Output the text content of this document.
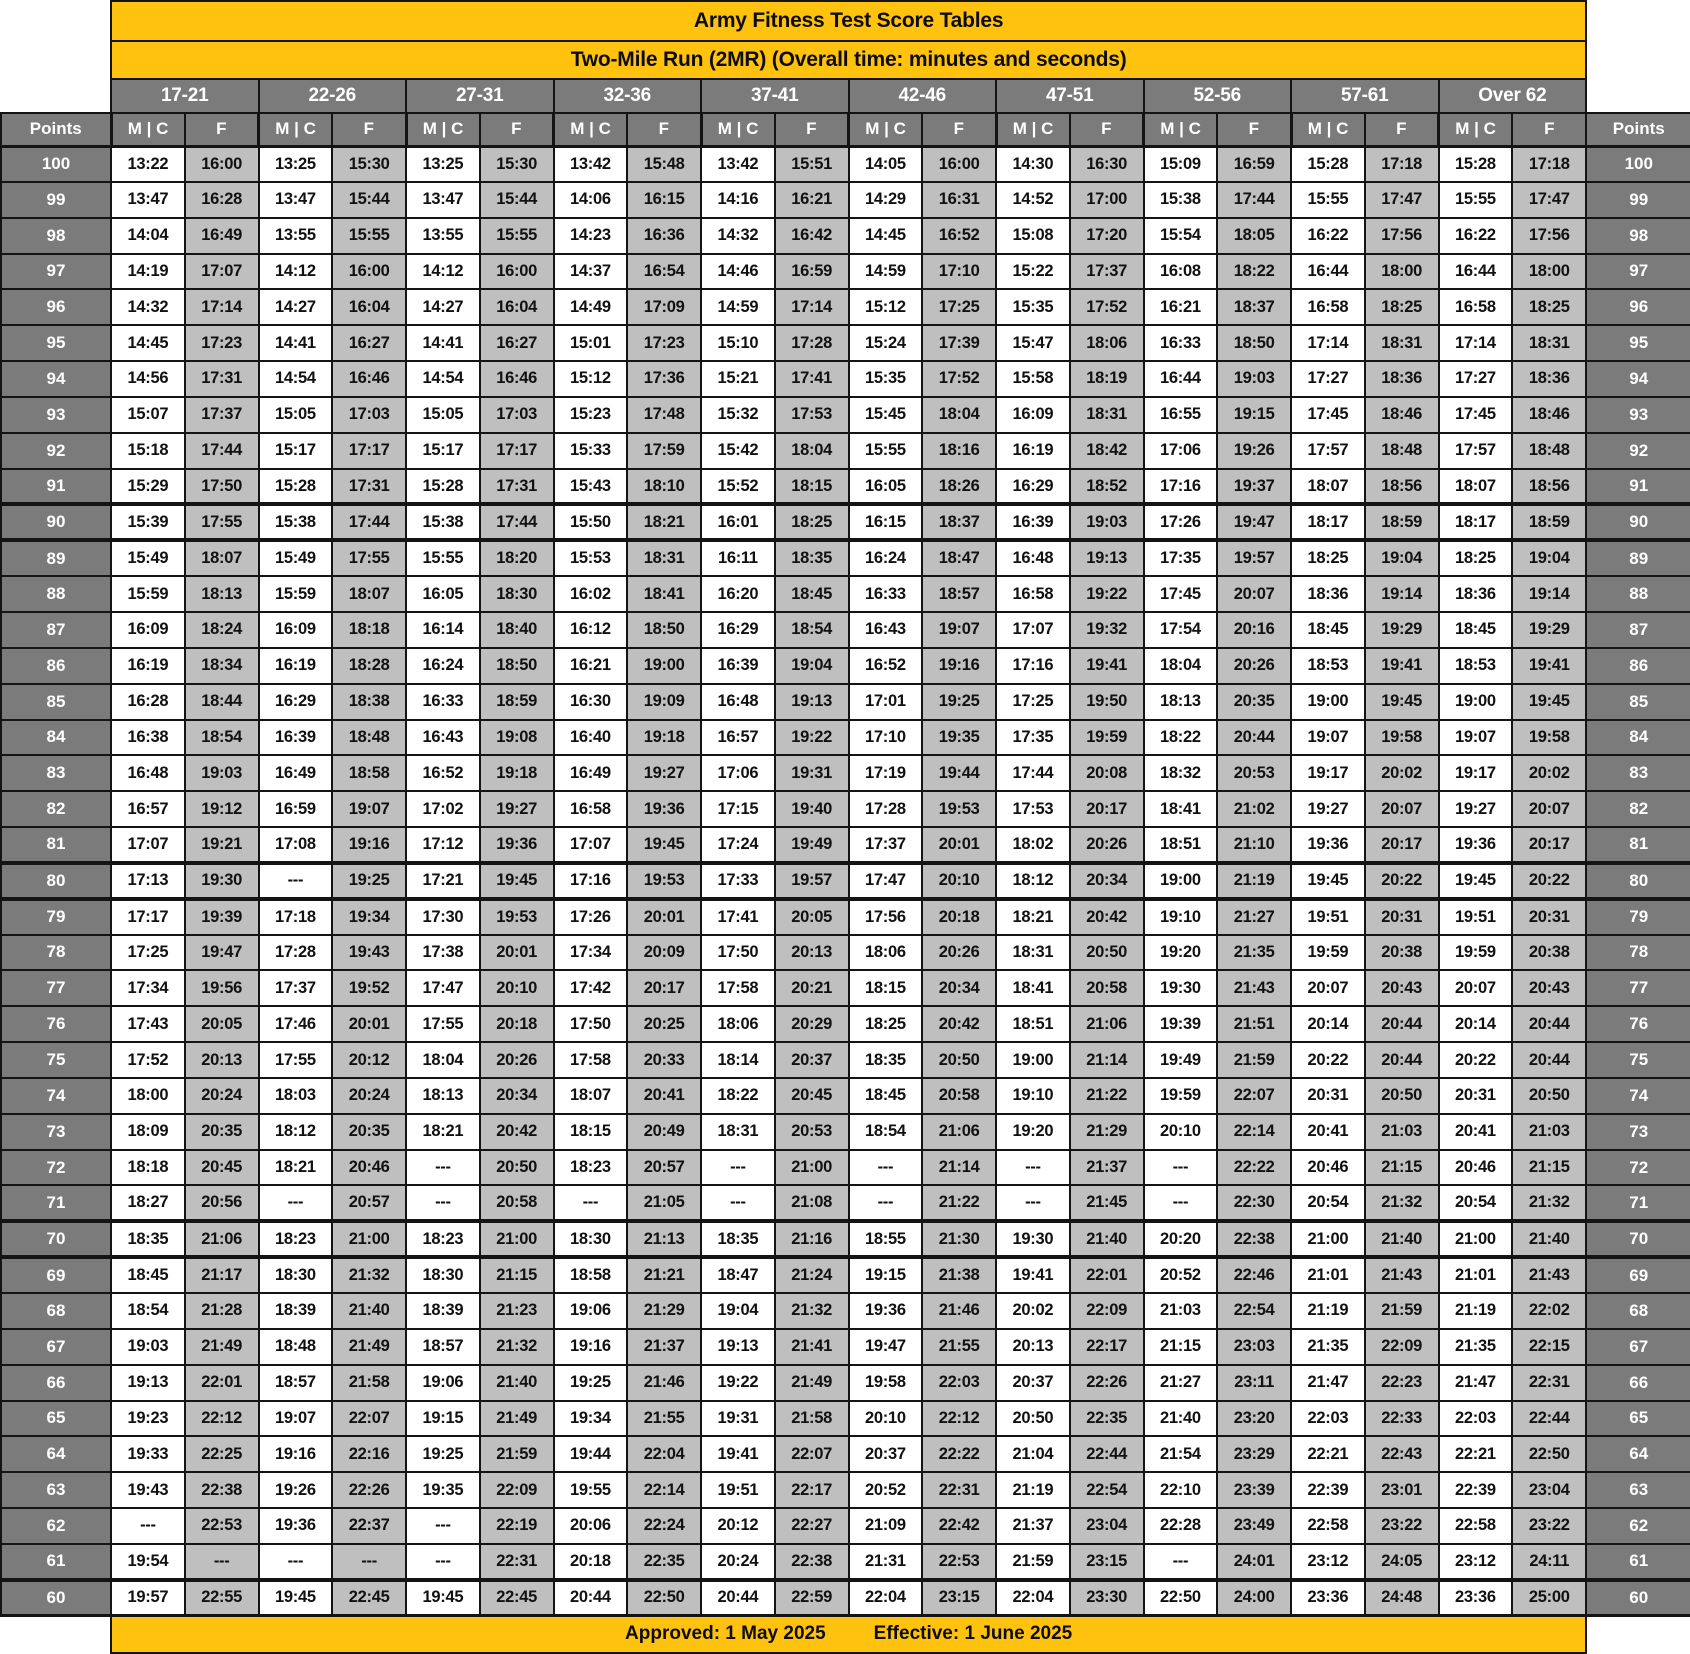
	Army Fitness Test Score Tables																				
	Two-Mile Run (2MR) (Overall time: minutes and seconds)																				
	17-21		22-26		27-31		32-36		37-41		42-46		47-51		52-56		57-61		Over 62		
Points	M | C	F	M | C	F	M | C	F	M | C	F	M | C	F	M | C	F	M | C	F	M | C	F	M | C	F	M | C	F	Points
100	13:22	16:00	13:25	15:30	13:25	15:30	13:42	15:48	13:42	15:51	14:05	16:00	14:30	16:30	15:09	16:59	15:28	17:18	15:28	17:18	100
99	13:47	16:28	13:47	15:44	13:47	15:44	14:06	16:15	14:16	16:21	14:29	16:31	14:52	17:00	15:38	17:44	15:55	17:47	15:55	17:47	99
98	14:04	16:49	13:55	15:55	13:55	15:55	14:23	16:36	14:32	16:42	14:45	16:52	15:08	17:20	15:54	18:05	16:22	17:56	16:22	17:56	98
97	14:19	17:07	14:12	16:00	14:12	16:00	14:37	16:54	14:46	16:59	14:59	17:10	15:22	17:37	16:08	18:22	16:44	18:00	16:44	18:00	97
96	14:32	17:14	14:27	16:04	14:27	16:04	14:49	17:09	14:59	17:14	15:12	17:25	15:35	17:52	16:21	18:37	16:58	18:25	16:58	18:25	96
95	14:45	17:23	14:41	16:27	14:41	16:27	15:01	17:23	15:10	17:28	15:24	17:39	15:47	18:06	16:33	18:50	17:14	18:31	17:14	18:31	95
94	14:56	17:31	14:54	16:46	14:54	16:46	15:12	17:36	15:21	17:41	15:35	17:52	15:58	18:19	16:44	19:03	17:27	18:36	17:27	18:36	94
93	15:07	17:37	15:05	17:03	15:05	17:03	15:23	17:48	15:32	17:53	15:45	18:04	16:09	18:31	16:55	19:15	17:45	18:46	17:45	18:46	93
92	15:18	17:44	15:17	17:17	15:17	17:17	15:33	17:59	15:42	18:04	15:55	18:16	16:19	18:42	17:06	19:26	17:57	18:48	17:57	18:48	92
91	15:29	17:50	15:28	17:31	15:28	17:31	15:43	18:10	15:52	18:15	16:05	18:26	16:29	18:52	17:16	19:37	18:07	18:56	18:07	18:56	91
90	15:39	17:55	15:38	17:44	15:38	17:44	15:50	18:21	16:01	18:25	16:15	18:37	16:39	19:03	17:26	19:47	18:17	18:59	18:17	18:59	90
89	15:49	18:07	15:49	17:55	15:55	18:20	15:53	18:31	16:11	18:35	16:24	18:47	16:48	19:13	17:35	19:57	18:25	19:04	18:25	19:04	89
88	15:59	18:13	15:59	18:07	16:05	18:30	16:02	18:41	16:20	18:45	16:33	18:57	16:58	19:22	17:45	20:07	18:36	19:14	18:36	19:14	88
87	16:09	18:24	16:09	18:18	16:14	18:40	16:12	18:50	16:29	18:54	16:43	19:07	17:07	19:32	17:54	20:16	18:45	19:29	18:45	19:29	87
86	16:19	18:34	16:19	18:28	16:24	18:50	16:21	19:00	16:39	19:04	16:52	19:16	17:16	19:41	18:04	20:26	18:53	19:41	18:53	19:41	86
85	16:28	18:44	16:29	18:38	16:33	18:59	16:30	19:09	16:48	19:13	17:01	19:25	17:25	19:50	18:13	20:35	19:00	19:45	19:00	19:45	85
84	16:38	18:54	16:39	18:48	16:43	19:08	16:40	19:18	16:57	19:22	17:10	19:35	17:35	19:59	18:22	20:44	19:07	19:58	19:07	19:58	84
83	16:48	19:03	16:49	18:58	16:52	19:18	16:49	19:27	17:06	19:31	17:19	19:44	17:44	20:08	18:32	20:53	19:17	20:02	19:17	20:02	83
82	16:57	19:12	16:59	19:07	17:02	19:27	16:58	19:36	17:15	19:40	17:28	19:53	17:53	20:17	18:41	21:02	19:27	20:07	19:27	20:07	82
81	17:07	19:21	17:08	19:16	17:12	19:36	17:07	19:45	17:24	19:49	17:37	20:01	18:02	20:26	18:51	21:10	19:36	20:17	19:36	20:17	81
80	17:13	19:30	---	19:25	17:21	19:45	17:16	19:53	17:33	19:57	17:47	20:10	18:12	20:34	19:00	21:19	19:45	20:22	19:45	20:22	80
79	17:17	19:39	17:18	19:34	17:30	19:53	17:26	20:01	17:41	20:05	17:56	20:18	18:21	20:42	19:10	21:27	19:51	20:31	19:51	20:31	79
78	17:25	19:47	17:28	19:43	17:38	20:01	17:34	20:09	17:50	20:13	18:06	20:26	18:31	20:50	19:20	21:35	19:59	20:38	19:59	20:38	78
77	17:34	19:56	17:37	19:52	17:47	20:10	17:42	20:17	17:58	20:21	18:15	20:34	18:41	20:58	19:30	21:43	20:07	20:43	20:07	20:43	77
76	17:43	20:05	17:46	20:01	17:55	20:18	17:50	20:25	18:06	20:29	18:25	20:42	18:51	21:06	19:39	21:51	20:14	20:44	20:14	20:44	76
75	17:52	20:13	17:55	20:12	18:04	20:26	17:58	20:33	18:14	20:37	18:35	20:50	19:00	21:14	19:49	21:59	20:22	20:44	20:22	20:44	75
74	18:00	20:24	18:03	20:24	18:13	20:34	18:07	20:41	18:22	20:45	18:45	20:58	19:10	21:22	19:59	22:07	20:31	20:50	20:31	20:50	74
73	18:09	20:35	18:12	20:35	18:21	20:42	18:15	20:49	18:31	20:53	18:54	21:06	19:20	21:29	20:10	22:14	20:41	21:03	20:41	21:03	73
72	18:18	20:45	18:21	20:46	---	20:50	18:23	20:57	---	21:00	---	21:14	---	21:37	---	22:22	20:46	21:15	20:46	21:15	72
71	18:27	20:56	---	20:57	---	20:58	---	21:05	---	21:08	---	21:22	---	21:45	---	22:30	20:54	21:32	20:54	21:32	71
70	18:35	21:06	18:23	21:00	18:23	21:00	18:30	21:13	18:35	21:16	18:55	21:30	19:30	21:40	20:20	22:38	21:00	21:40	21:00	21:40	70
69	18:45	21:17	18:30	21:32	18:30	21:15	18:58	21:21	18:47	21:24	19:15	21:38	19:41	22:01	20:52	22:46	21:01	21:43	21:01	21:43	69
68	18:54	21:28	18:39	21:40	18:39	21:23	19:06	21:29	19:04	21:32	19:36	21:46	20:02	22:09	21:03	22:54	21:19	21:59	21:19	22:02	68
67	19:03	21:49	18:48	21:49	18:57	21:32	19:16	21:37	19:13	21:41	19:47	21:55	20:13	22:17	21:15	23:03	21:35	22:09	21:35	22:15	67
66	19:13	22:01	18:57	21:58	19:06	21:40	19:25	21:46	19:22	21:49	19:58	22:03	20:37	22:26	21:27	23:11	21:47	22:23	21:47	22:31	66
65	19:23	22:12	19:07	22:07	19:15	21:49	19:34	21:55	19:31	21:58	20:10	22:12	20:50	22:35	21:40	23:20	22:03	22:33	22:03	22:44	65
64	19:33	22:25	19:16	22:16	19:25	21:59	19:44	22:04	19:41	22:07	20:37	22:22	21:04	22:44	21:54	23:29	22:21	22:43	22:21	22:50	64
63	19:43	22:38	19:26	22:26	19:35	22:09	19:55	22:14	19:51	22:17	20:52	22:31	21:19	22:54	22:10	23:39	22:39	23:01	22:39	23:04	63
62	---	22:53	19:36	22:37	---	22:19	20:06	22:24	20:12	22:27	21:09	22:42	21:37	23:04	22:28	23:49	22:58	23:22	22:58	23:22	62
61	19:54	---	---	---	---	22:31	20:18	22:35	20:24	22:38	21:31	22:53	21:59	23:15	---	24:01	23:12	24:05	23:12	24:11	61
60	19:57	22:55	19:45	22:45	19:45	22:45	20:44	22:50	20:44	22:59	22:04	23:15	22:04	23:30	22:50	24:00	23:36	24:48	23:36	25:00	60

	Approved: 1 May 2025 Effective: 1 June 2025																				
